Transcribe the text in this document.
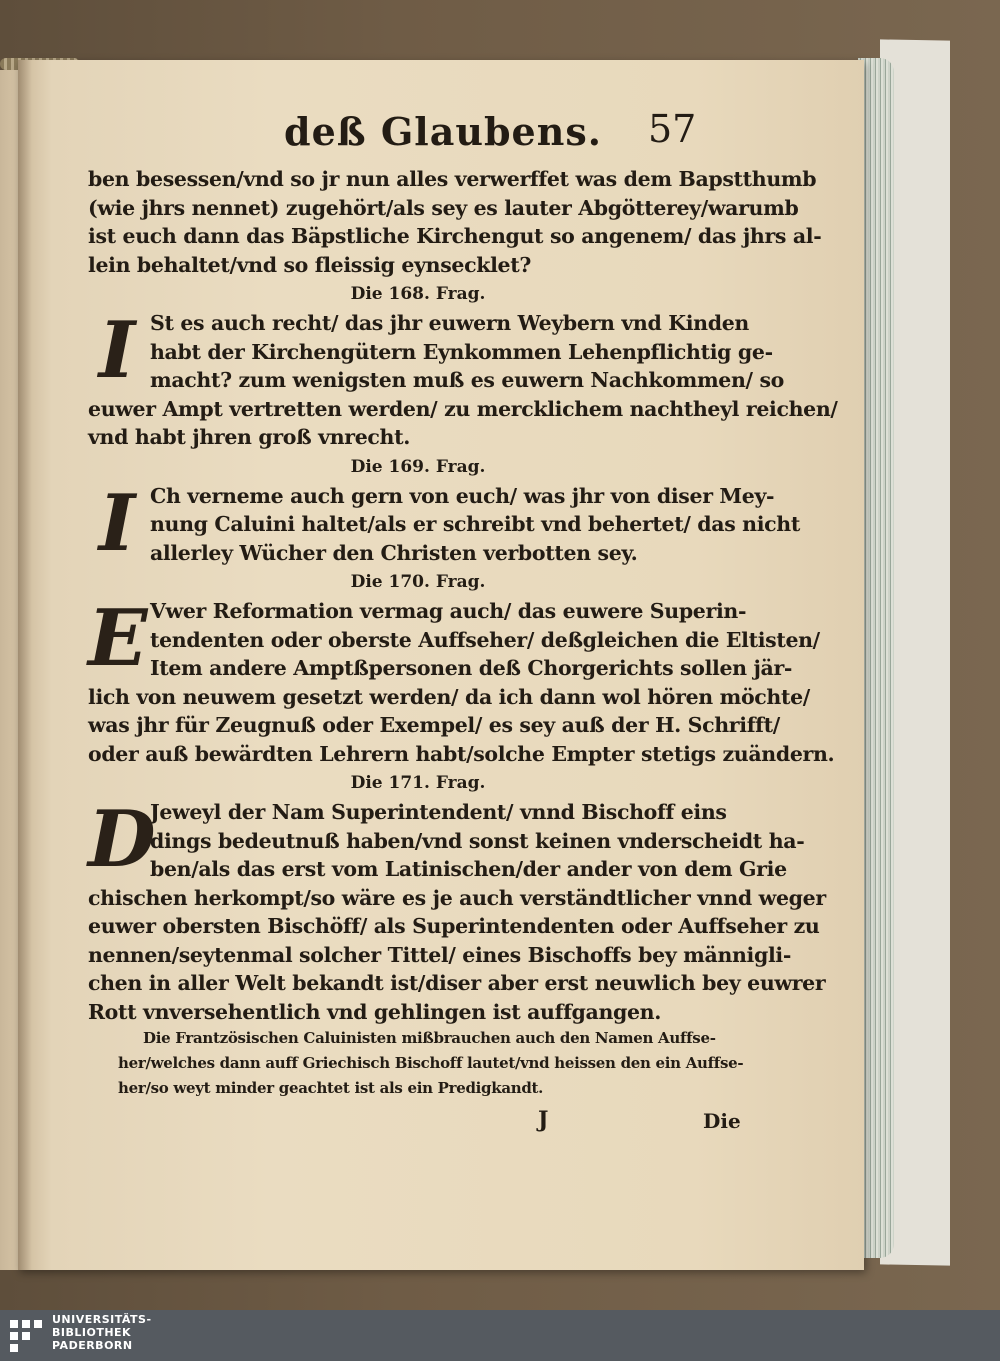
deß Glaubens. 57
ben besessen/vnd so jr nun alles verwerffet was dem Bapstthumb
(wie jhrs nennet) zugehört/als sey es lauter Abgötterey/warumb
ist euch dann das Bäpstliche Kirchengut so angenem/ das jhrs al-
lein behaltet/vnd so fleissig eynsecklet?
Die 168. Frag.
I St es auch recht/ das jhr euwern Weybern vnd Kinden
habt der Kirchengütern Eynkommen Lehenpflichtig ge-
macht? zum wenigsten muß es euwern Nachkommen/ so
euwer Ampt vertretten werden/ zu mercklichem nachtheyl reichen/
vnd habt jhren groß vnrecht.
Die 169. Frag.
I Ch verneme auch gern von euch/ was jhr von diser Mey-
nung Caluini haltet/als er schreibt vnd behertet/ das nicht
allerley Wücher den Christen verbotten sey.
Die 170. Frag.
E Vwer Reformation vermag auch/ das euwere Superin-
tendenten oder oberste Auffseher/ deßgleichen die Eltisten/
Item andere Amptßpersonen deß Chorgerichts sollen jär-
lich von neuwem gesetzt werden/ da ich dann wol hören möchte/
was jhr für Zeugnuß oder Exempel/ es sey auß der H. Schrifft/
oder auß bewärdten Lehrern habt/solche Empter stetigs zuändern.
Die 171. Frag.
D
Jeweyl der Nam Superintendent/ vnnd Bischoff eins
dings bedeutnuß haben/vnd sonst keinen vnderscheidt ha-
ben/als das erst vom Latinischen/der ander von dem Grie
chischen herkompt/so wäre es je auch verständtlicher vnnd weger
euwer obersten Bischöff/ als Superintendenten oder Auffseher zu
nennen/seytenmal solcher Tittel/ eines Bischoffs bey männigli-
chen in aller Welt bekandt ist/diser aber erst neuwlich bey euwrer
Rott vnversehentlich vnd gehlingen ist auffgangen.
Die Frantzösischen Caluinisten mißbrauchen auch den Namen Auffse-
her/welches dann auff Griechisch Bischoff lautet/vnd heissen den ein Auffse-
her/so weyt minder geachtet ist als ein Predigkandt.
J	Die
UNIVERSITÄTS-
BIBLIOTHEK
PADERBORN
